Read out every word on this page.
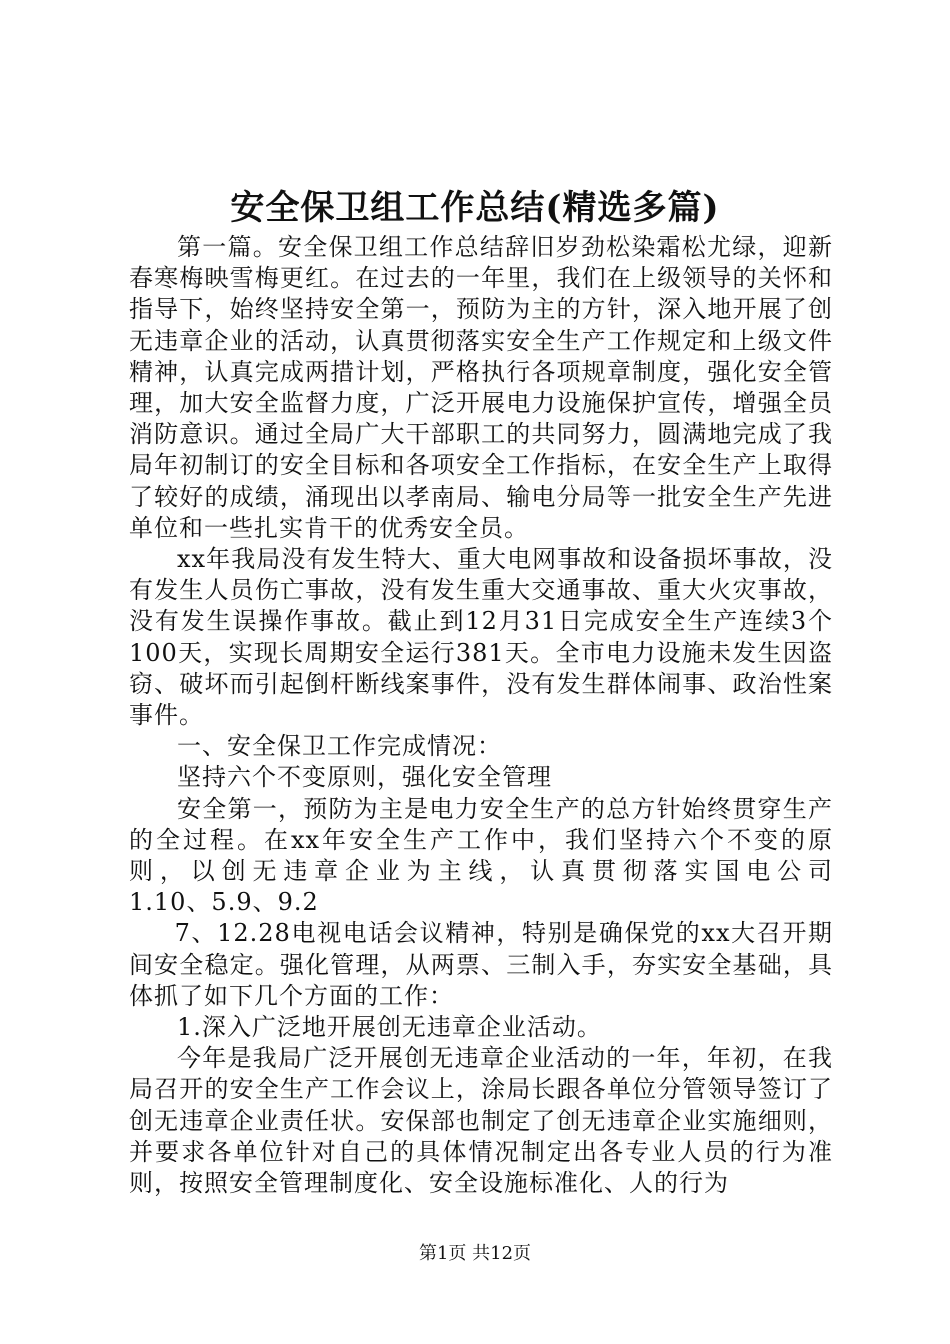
安全保卫组工作总结(精选多篇)

第一篇。安全保卫组工作总结辞旧岁劲松染霜松尤绿，迎新春寒梅映雪梅更红。在过去的一年里，我们在上级领导的关怀和指导下，始终坚持安全第一，预防为主的方针，深入地开展了创无违章企业的活动，认真贯彻落实安全生产工作规定和上级文件精神，认真完成两措计划，严格执行各项规章制度，强化安全管理，加大安全监督力度，广泛开展电力设施保护宣传，增强全员消防意识。通过全局广大干部职工的共同努力，圆满地完成了我局年初制订的安全目标和各项安全工作指标，在安全生产上取得了较好的成绩，涌现出以孝南局、输电分局等一批安全生产先进单位和一些扎实肯干的优秀安全员。

xx年我局没有发生特大、重大电网事故和设备损坏事故，没有发生人员伤亡事故，没有发生重大交通事故、重大火灾事故，没有发生误操作事故。截止到12月31日完成安全生产连续3个100天，实现长周期安全运行381天。全市电力设施未发生因盗窃、破坏而引起倒杆断线案事件，没有发生群体闹事、政治性案事件。

一、安全保卫工作完成情况：

坚持六个不变原则，强化安全管理

安全第一，预防为主是电力安全生产的总方针始终贯穿生产的全过程。在xx年安全生产工作中，我们坚持六个不变的原则，以创无违章企业为主线，认真贯彻落实国电公司

1.10、5.9、9.2

7、12.28电视电话会议精神，特别是确保党的xx大召开期间安全稳定。强化管理，从两票、三制入手，夯实安全基础，具体抓了如下几个方面的工作：

1.深入广泛地开展创无违章企业活动。

今年是我局广泛开展创无违章企业活动的一年，年初，在我局召开的安全生产工作会议上，涂局长跟各单位分管领导签订了创无违章企业责任状。安保部也制定了创无违章企业实施细则，并要求各单位针对自己的具体情况制定出各专业人员的行为准则，按照安全管理制度化、安全设施标准化、人的行为

第1页 共12页
